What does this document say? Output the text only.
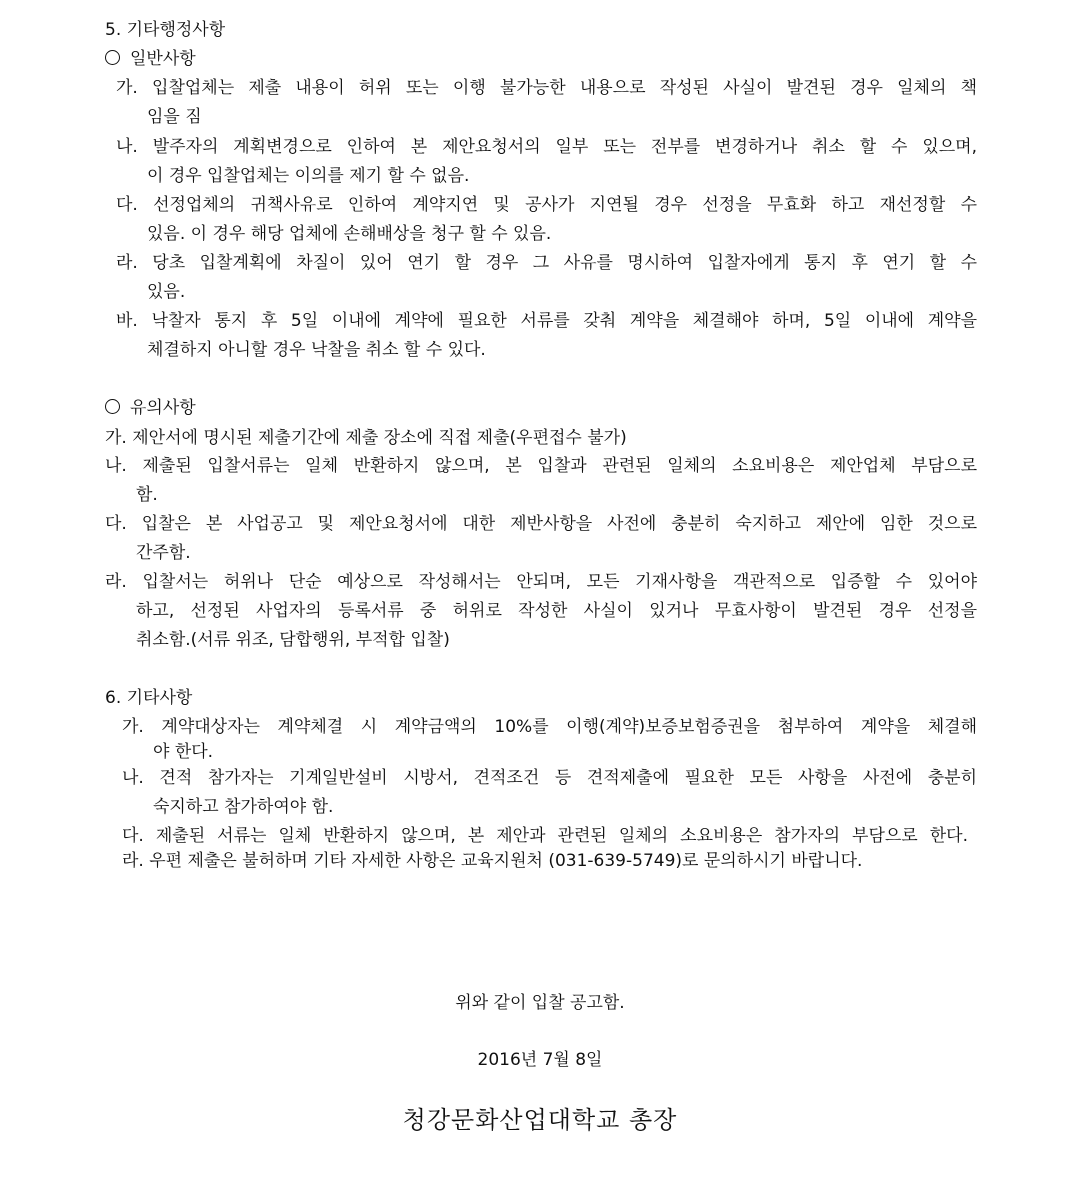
5. 기타행정사항
일반사항
가. 입찰업체는 제출 내용이 허위 또는 이행 불가능한 내용으로 작성된 사실이 발견된 경우 일체의 책
임을 짐
나. 발주자의 계획변경으로 인하여 본 제안요청서의 일부 또는 전부를 변경하거나 취소 할 수 있으며,
이 경우 입찰업체는 이의를 제기 할 수 없음.
다. 선정업체의 귀책사유로 인하여 계약지연 및 공사가 지연될 경우 선정을 무효화 하고 재선정할 수
있음. 이 경우 해당 업체에 손해배상을 청구 할 수 있음.
라. 당초 입찰계획에 차질이 있어 연기 할 경우 그 사유를 명시하여 입찰자에게 통지 후 연기 할 수
있음.
바. 낙찰자 통지 후 5일 이내에 계약에 필요한 서류를 갖춰 계약을 체결해야 하며, 5일 이내에 계약을
체결하지 아니할 경우 낙찰을 취소 할 수 있다.
유의사항
가. 제안서에 명시된 제출기간에 제출 장소에 직접 제출(우편접수 불가)
나. 제출된 입찰서류는 일체 반환하지 않으며, 본 입찰과 관련된 일체의 소요비용은 제안업체 부담으로
함.
다. 입찰은 본 사업공고 및 제안요청서에 대한 제반사항을 사전에 충분히 숙지하고 제안에 임한 것으로
간주함.
라. 입찰서는 허위나 단순 예상으로 작성해서는 안되며, 모든 기재사항을 객관적으로 입증할 수 있어야
하고, 선정된 사업자의 등록서류 중 허위로 작성한 사실이 있거나 무효사항이 발견된 경우 선정을
취소함.(서류 위조, 담합행위, 부적합 입찰)
6. 기타사항
가. 계약대상자는 계약체결 시 계약금액의 10%를 이행(계약)보증보험증권을 첨부하여 계약을 체결해
야 한다.
나. 견적 참가자는 기계일반설비 시방서, 견적조건 등 견적제출에 필요한 모든 사항을 사전에 충분히
숙지하고 참가하여야 함.
다. 제출된 서류는 일체 반환하지 않으며, 본 제안과 관련된 일체의 소요비용은 참가자의 부담으로 한다.
라. 우편 제출은 불허하며 기타 자세한 사항은 교육지원처 (031-639-5749)로 문의하시기 바랍니다.
위와 같이 입찰 공고함.
2016년 7월 8일
청강문화산업대학교 총장
